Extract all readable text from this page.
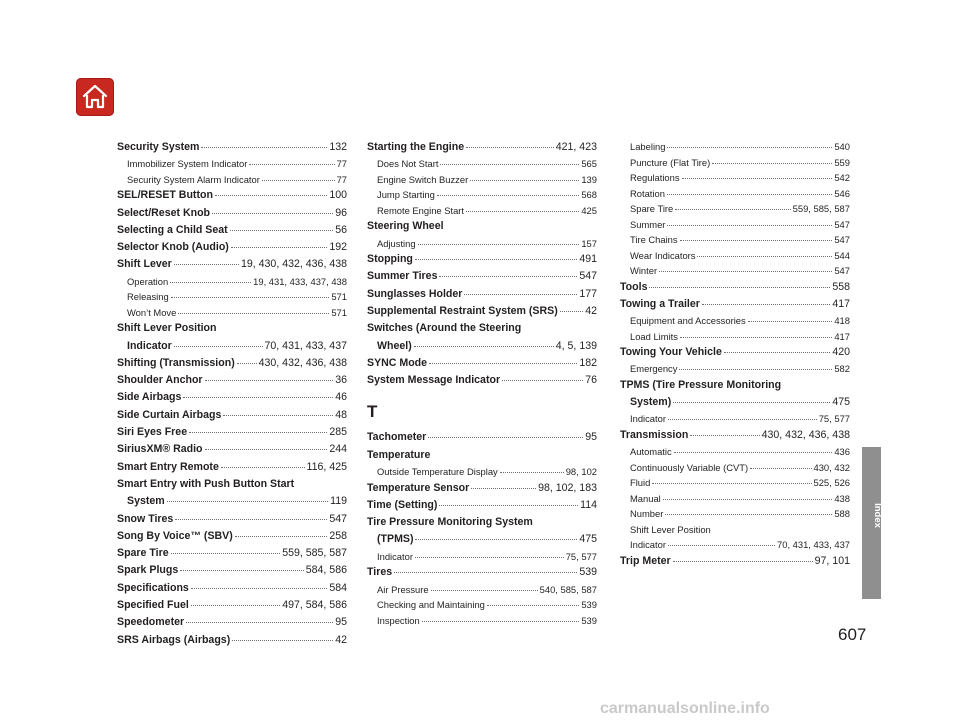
Security System	132
Immobilizer System Indicator	77
Security System Alarm Indicator	77
SEL/RESET Button	100
Select/Reset Knob	96
Selecting a Child Seat	56
Selector Knob (Audio)	192
Shift Lever	19, 430, 432, 436, 438
Operation	19, 431, 433, 437, 438
Releasing	571
Won’t Move	571
Shift Lever Position
Indicator	70, 431, 433, 437
Shifting (Transmission) 430, 432, 436, 438
Shoulder Anchor	36
Side Airbags	46
Side Curtain Airbags	48
Siri Eyes Free	285
SiriusXM® Radio	244
Smart Entry Remote	116, 425
Smart Entry with Push Button Start
System	119
Snow Tires	547
Song By Voice™ (SBV)	258
Spare Tire	559, 585, 587
Spark Plugs	584, 586
Specifications	584
Specified Fuel	497, 584, 586
Speedometer	95
SRS Airbags (Airbags)	42
Starting the Engine	421, 423
Does Not Start	565
Engine Switch Buzzer	139
Jump Starting	568
Remote Engine Start	425
Steering Wheel
Adjusting	157
Stopping	491
Summer Tires	547
Sunglasses Holder	177
Supplemental Restraint System (SRS)	42
Switches (Around the Steering
Wheel)	4, 5, 139
SYNC Mode	182
System Message Indicator	76
T
Tachometer	95
Temperature
Outside Temperature Display	98, 102
Temperature Sensor	98, 102, 183
Time (Setting)	114
Tire Pressure Monitoring System
(TPMS)	475
Indicator	75, 577
Tires	539
Air Pressure	540, 585, 587
Checking and Maintaining	539
Inspection	539
Labeling	540
Puncture (Flat Tire)	559
Regulations	542
Rotation	546
Spare Tire	559, 585, 587
Summer	547
Tire Chains	547
Wear Indicators	544
Winter	547
Tools	558
Towing a Trailer	417
Equipment and Accessories	418
Load Limits	417
Towing Your Vehicle	420
Emergency	582
TPMS (Tire Pressure Monitoring
System)	475
Indicator	75, 577
Transmission	430, 432, 436, 438
Automatic	436
Continuously Variable (CVT)	430, 432
Fluid	525, 526
Manual	438
Number	588
Shift Lever Position
Indicator	70, 431, 433, 437
Trip Meter	97, 101
Index
607
carmanualsonline.info
